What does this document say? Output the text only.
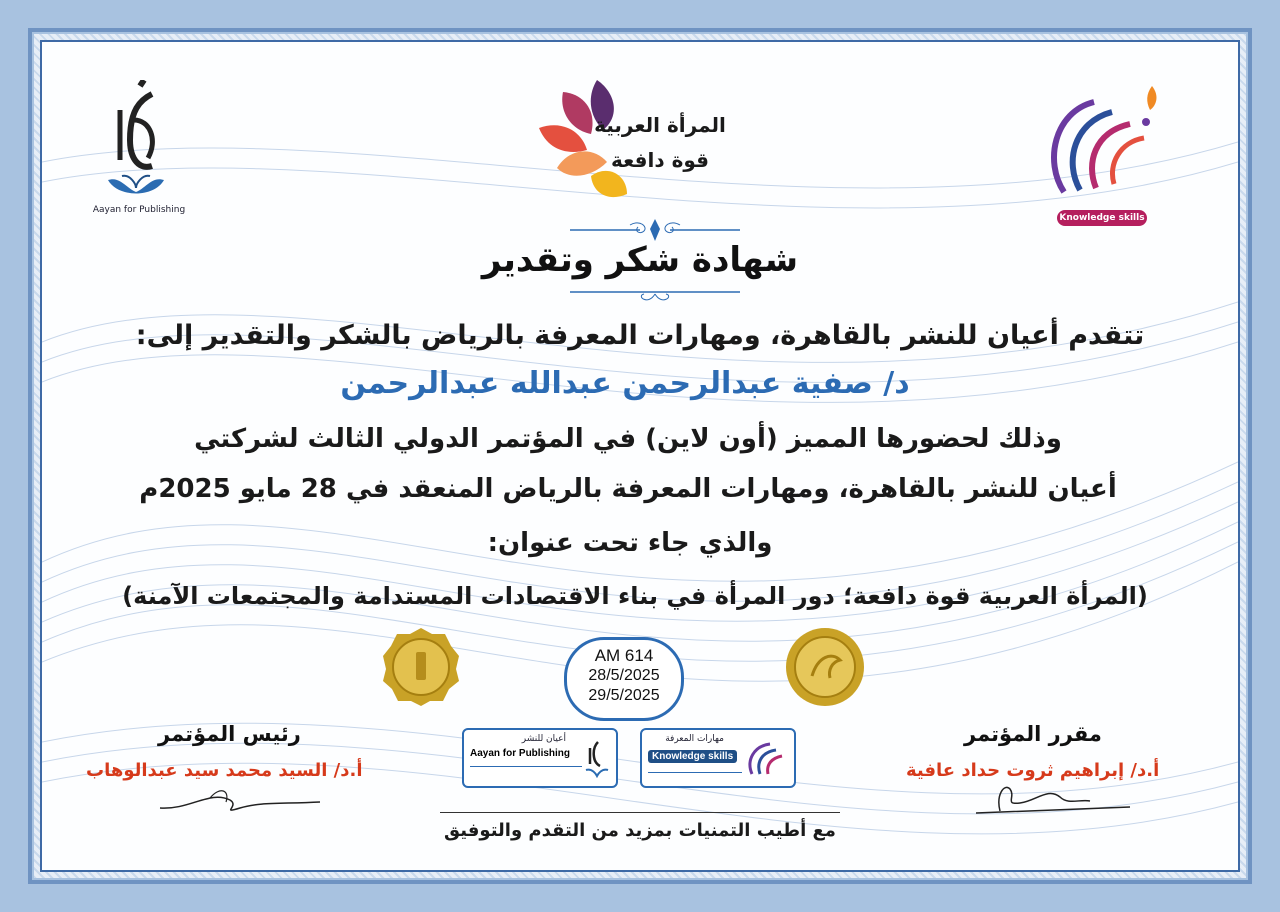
Aayan for Publishing
المرأة العربية
قوة دافعة
Knowledge skills
شهادة شكر وتقدير
تتقدم أعيان للنشر بالقاهرة، ومهارات المعرفة بالرياض بالشكر والتقدير إلى:
د/ صفية عبدالرحمن عبدالله عبدالرحمن
وذلك لحضورها المميز (أون لاين) في المؤتمر الدولي الثالث لشركتي
أعيان للنشر بالقاهرة، ومهارات المعرفة بالرياض المنعقد في 28 مايو 2025م
والذي جاء تحت عنوان:
(المرأة العربية قوة دافعة؛ دور المرأة في بناء الاقتصادات المستدامة والمجتمعات الآمنة)
AM 614
28/5/2025
29/5/2025
رئيس المؤتمر
أ.د/ السيد محمد سيد عبدالوهاب
مقرر المؤتمر
أ.د/ إبراهيم ثروت حداد عافية
أعيان للنشر
Aayan for Publishing
مهارات المعرفة
Knowledge skills
مع أطيب التمنيات بمزيد من التقدم والتوفيق
